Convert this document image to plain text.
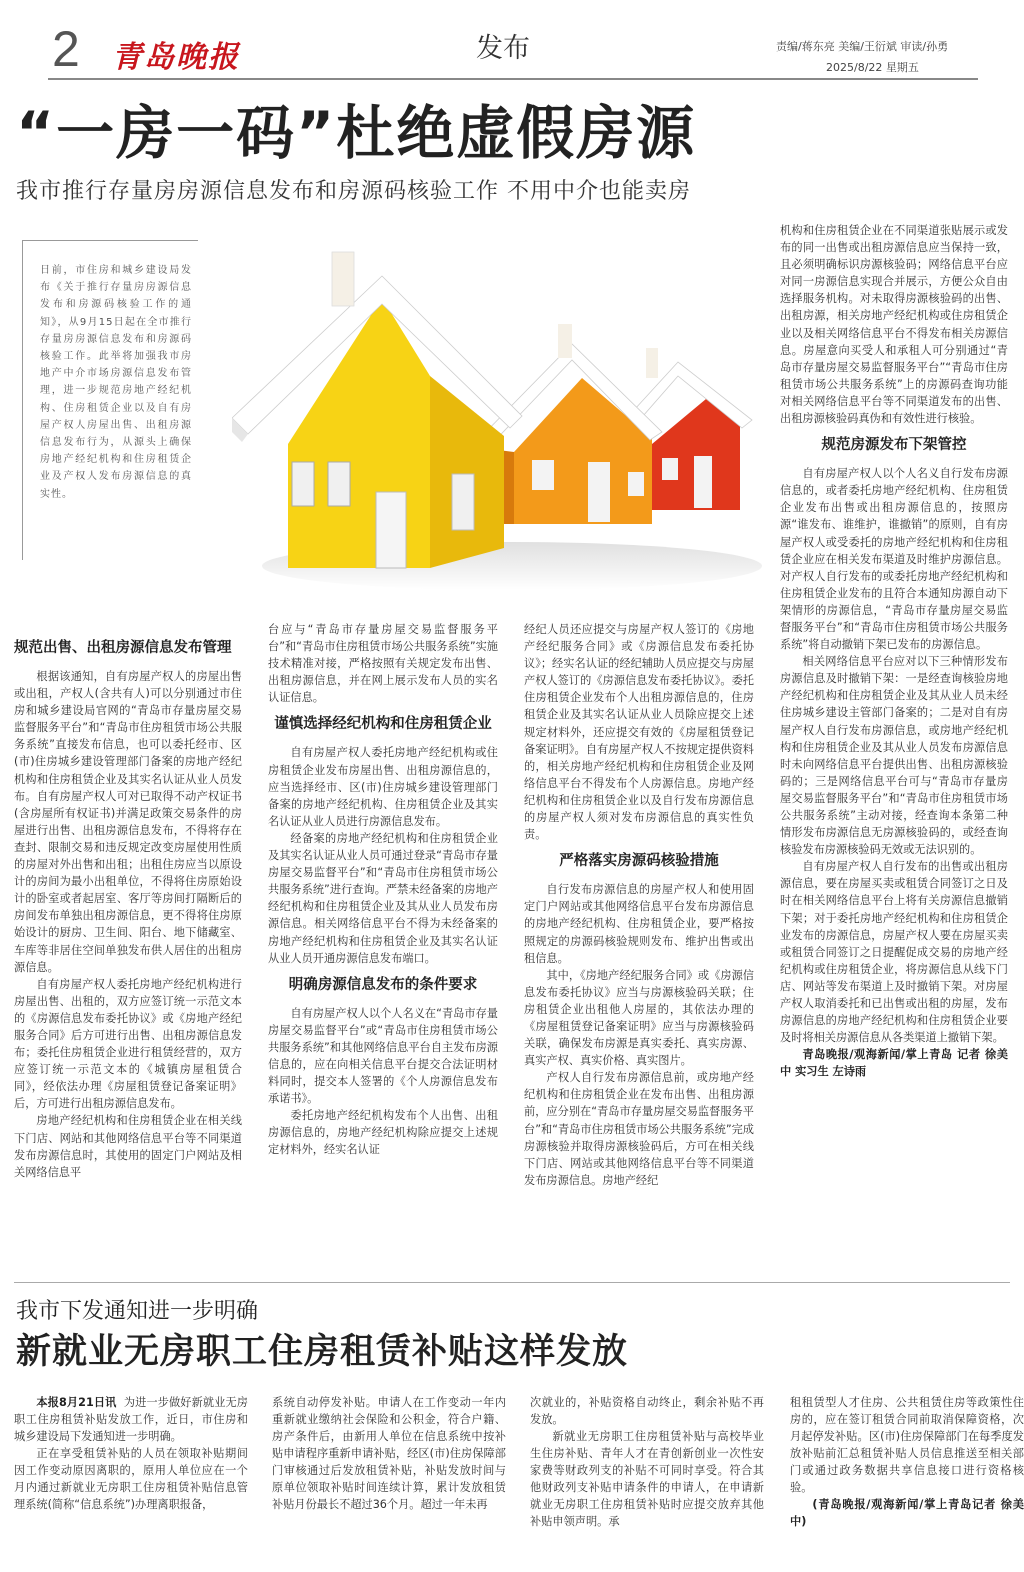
2 青岛晚报	发布	责编/蒋东亮 美编/王衍斌 审读/孙勇
2025/8/22 星期五
“一房一码”杜绝虚假房源
我市推行存量房房源信息发布和房源码核验工作 不用中介也能卖房
日前，市住房和城乡建设局发布《关于推行存量房房源信息发布和房源码核验工作的通知》，从9月15日起在全市推行存量房房源信息发布和房源码核验工作。此举将加强我市房地产中介市场房源信息发布管理，进一步规范房地产经纪机构、住房租赁企业以及自有房屋产权人房屋出售、出租房源信息发布行为，从源头上确保房地产经纪机构和住房租赁企业及产权人发布房源信息的真实性。
规范出售、出租房源信息发布管理

根据该通知，自有房屋产权人的房屋出售或出租，产权人(含共有人)可以分别通过市住房和城乡建设局官网的“青岛市存量房屋交易监督服务平台”和“青岛市住房租赁市场公共服务系统”直接发布信息，也可以委托经市、区(市)住房城乡建设管理部门备案的房地产经纪机构和住房租赁企业及其实名认证从业人员发布。自有房屋产权人可对已取得不动产权证书(含房屋所有权证书)并满足政策交易条件的房屋进行出售、出租房源信息发布，不得将存在查封、限制交易和违反规定改变房屋使用性质的房屋对外出售和出租；出租住房应当以原设计的房间为最小出租单位，不得将住房原始设计的卧室或者起居室、客厅等房间打隔断后的房间发布单独出租房源信息，更不得将住房原始设计的厨房、卫生间、阳台、地下储藏室、车库等非居住空间单独发布供人居住的出租房源信息。

自有房屋产权人委托房地产经纪机构进行房屋出售、出租的，双方应签订统一示范文本的《房源信息发布委托协议》或《房地产经纪服务合同》后方可进行出售、出租房源信息发布；委托住房租赁企业进行租赁经营的，双方应签订统一示范文本的《城镇房屋租赁合同》，经依法办理《房屋租赁登记备案证明》后，方可进行出租房源信息发布。

房地产经纪机构和住房租赁企业在相关线下门店、网站和其他网络信息平台等不同渠道发布房源信息时，其使用的固定门户网站及相关网络信息平

台应与“青岛市存量房屋交易监督服务平台”和“青岛市住房租赁市场公共服务系统”实施技术精准对接，严格按照有关规定发布出售、出租房源信息，并在网上展示发布人员的实名认证信息。

谨慎选择经纪机构和住房租赁企业

自有房屋产权人委托房地产经纪机构或住房租赁企业发布房屋出售、出租房源信息的，应当选择经市、区(市)住房城乡建设管理部门备案的房地产经纪机构、住房租赁企业及其实名认证从业人员进行房源信息发布。

经备案的房地产经纪机构和住房租赁企业及其实名认证从业人员可通过登录“青岛市存量房屋交易监督平台”和“青岛市住房租赁市场公共服务系统”进行查询。严禁未经备案的房地产经纪机构和住房租赁企业及其从业人员发布房源信息。相关网络信息平台不得为未经备案的房地产经纪机构和住房租赁企业及其实名认证从业人员开通房源信息发布端口。

明确房源信息发布的条件要求

自有房屋产权人以个人名义在“青岛市存量房屋交易监督平台”或“青岛市住房租赁市场公共服务系统”和其他网络信息平台自主发布房源信息的，应在向相关信息平台提交合法证明材料同时，提交本人签署的《个人房源信息发布承诺书》。

委托房地产经纪机构发布个人出售、出租房源信息的，房地产经纪机构除应提交上述规定材料外，经实名认证

经纪人员还应提交与房屋产权人签订的《房地产经纪服务合同》或《房源信息发布委托协议》；经实名认证的经纪辅助人员应提交与房屋产权人签订的《房源信息发布委托协议》。委托住房租赁企业发布个人出租房源信息的，住房租赁企业及其实名认证从业人员除应提交上述规定材料外，还应提交有效的《房屋租赁登记备案证明》。自有房屋产权人不按规定提供资料的，相关房地产经纪机构和住房租赁企业及网络信息平台不得发布个人房源信息。房地产经纪机构和住房租赁企业以及自行发布房源信息的房屋产权人须对发布房源信息的真实性负责。

严格落实房源码核验措施

自行发布房源信息的房屋产权人和使用固定门户网站或其他网络信息平台发布房源信息的房地产经纪机构、住房租赁企业，要严格按照规定的房源码核验规则发布、维护出售或出租信息。

其中，《房地产经纪服务合同》或《房源信息发布委托协议》应当与房源核验码关联；住房租赁企业出租他人房屋的，其依法办理的《房屋租赁登记备案证明》应当与房源核验码关联，确保发布房源是真实委托、真实房源、真实产权、真实价格、真实图片。

产权人自行发布房源信息前，或房地产经纪机构和住房租赁企业在发布出售、出租房源前，应分别在“青岛市存量房屋交易监督服务平台”和“青岛市住房租赁市场公共服务系统”完成房源核验并取得房源核验码后，方可在相关线下门店、网站或其他网络信息平台等不同渠道发布房源信息。房地产经纪

机构和住房租赁企业在不同渠道张贴展示或发布的同一出售或出租房源信息应当保持一致，且必须明确标识房源核验码；网络信息平台应对同一房源信息实现合并展示，方便公众自由选择服务机构。对未取得房源核验码的出售、出租房源，相关房地产经纪机构或住房租赁企业以及相关网络信息平台不得发布相关房源信息。房屋意向买受人和承租人可分别通过“青岛市存量房屋交易监督服务平台”“青岛市住房租赁市场公共服务系统”上的房源码查询功能对相关网络信息平台等不同渠道发布的出售、出租房源核验码真伪和有效性进行核验。

规范房源发布下架管控

自有房屋产权人以个人名义自行发布房源信息的，或者委托房地产经纪机构、住房租赁企业发布出售或出租房源信息的，按照房源“谁发布、谁维护，谁撤销”的原则，自有房屋产权人或受委托的房地产经纪机构和住房租赁企业应在相关发布渠道及时维护房源信息。对产权人自行发布的或委托房地产经纪机构和住房租赁企业发布的且符合本通知房源自动下架情形的房源信息，“青岛市存量房屋交易监督服务平台”和“青岛市住房租赁市场公共服务系统”将自动撤销下架已发布的房源信息。

相关网络信息平台应对以下三种情形发布房源信息及时撤销下架：一是经查询核验房地产经纪机构和住房租赁企业及其从业人员未经住房城乡建设主管部门备案的；二是对自有房屋产权人自行发布房源信息，或房地产经纪机构和住房租赁企业及其从业人员发布房源信息时未向网络信息平台提供出售、出租房源核验码的；三是网络信息平台可与“青岛市存量房屋交易监督服务平台”和“青岛市住房租赁市场公共服务系统”主动对接，经查询本条第二种情形发布房源信息无房源核验码的，或经查询核验发布房源核验码无效或无法识别的。

自有房屋产权人自行发布的出售或出租房源信息，要在房屋买卖或租赁合同签订之日及时在相关网络信息平台上将有关房源信息撤销下架；对于委托房地产经纪机构和住房租赁企业发布的房源信息，房屋产权人要在房屋买卖或租赁合同签订之日提醒促成交易的房地产经纪机构或住房租赁企业，将房源信息从线下门店、网站等发布渠道上及时撤销下架。对房屋产权人取消委托和已出售或出租的房屋，发布房源信息的房地产经纪机构和住房租赁企业要及时将相关房源信息从各类渠道上撤销下架。

青岛晚报/观海新闻/掌上青岛 记者 徐美中 实习生 左诗雨

我市下发通知进一步明确
新就业无房职工住房租赁补贴这样发放

本报8月21日讯 为进一步做好新就业无房职工住房租赁补贴发放工作，近日，市住房和城乡建设局下发通知进一步明确。

正在享受租赁补贴的人员在领取补贴期间因工作变动原因离职的，原用人单位应在一个月内通过新就业无房职工住房租赁补贴信息管理系统(简称“信息系统”)办理离职报备，

系统自动停发补贴。申请人在工作变动一年内重新就业缴纳社会保险和公积金，符合户籍、房产条件后，由新用人单位在信息系统中按补贴申请程序重新申请补贴，经区(市)住房保障部门审核通过后发放租赁补贴，补贴发放时间与原单位领取补贴时间连续计算，累计发放租赁补贴月份最长不超过36个月。超过一年未再

次就业的，补贴资格自动终止，剩余补贴不再发放。

新就业无房职工住房租赁补贴与高校毕业生住房补贴、青年人才在青创新创业一次性安家费等财政列支的补贴不可同时享受。符合其他财政列支补贴申请条件的申请人，在申请新就业无房职工住房租赁补贴时应提交放弃其他补贴申领声明。承

租租赁型人才住房、公共租赁住房等政策性住房的，应在签订租赁合同前取消保障资格，次月起停发补贴。区(市)住房保障部门在每季度发放补贴前汇总租赁补贴人员信息推送至相关部门或通过政务数据共享信息接口进行资格核验。

(青岛晚报/观海新闻/掌上青岛记者 徐美中)
